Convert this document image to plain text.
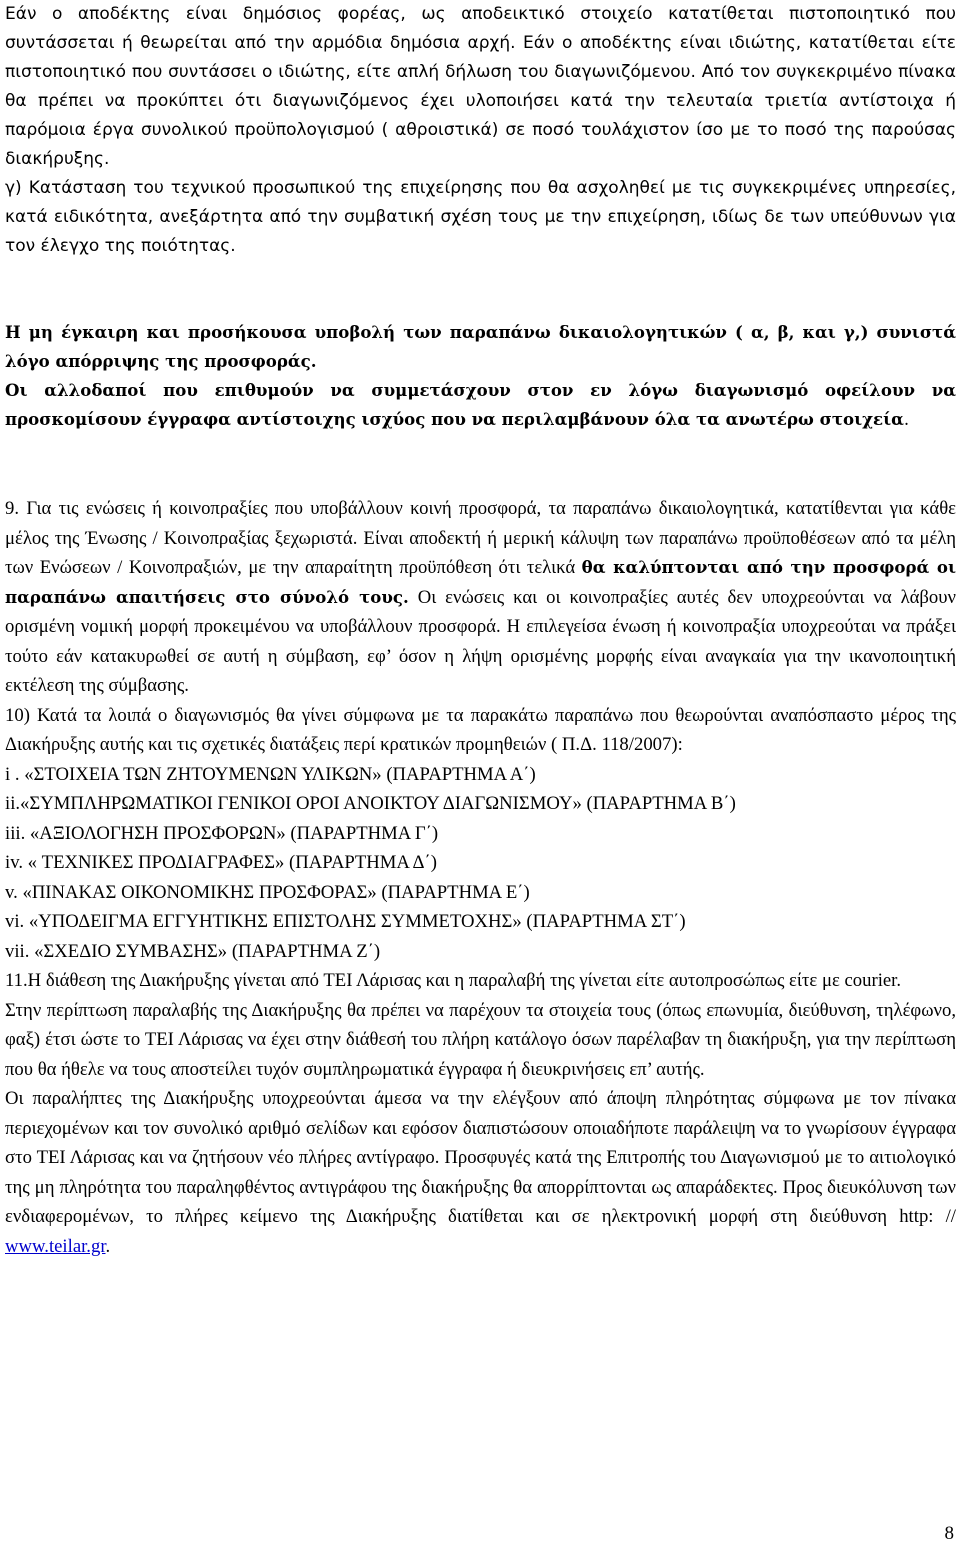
Εάν ο αποδέκτης είναι δημόσιος φορέας, ως αποδεικτικό στοιχείο κατατίθεται πιστοποιητικό που συντάσσεται ή θεωρείται από την αρμόδια δημόσια αρχή. Εάν ο αποδέκτης είναι ιδιώτης, κατατίθεται είτε πιστοποιητικό που συντάσσει ο ιδιώτης, είτε απλή δήλωση του διαγωνιζόμενου. Από τον συγκεκριμένο πίνακα θα πρέπει να προκύπτει ότι διαγωνιζόμενος έχει υλοποιήσει κατά την τελευταία τριετία αντίστοιχα ή παρόμοια έργα συνολικού προϋπολογισμού ( αθροιστικά) σε ποσό τουλάχιστον ίσο με το ποσό της παρούσας διακήρυξης.

γ) Κατάσταση του τεχνικού προσωπικού της επιχείρησης που θα ασχοληθεί με τις συγκεκριμένες υπηρεσίες, κατά ειδικότητα, ανεξάρτητα από την συμβατική σχέση τους με την επιχείρηση, ιδίως δε των υπεύθυνων για τον έλεγχο της ποιότητας.

Η μη έγκαιρη και προσήκουσα υποβολή των παραπάνω δικαιολογητικών ( α, β, και γ,) συνιστά λόγο απόρριψης της προσφοράς.

Οι αλλοδαποί που επιθυμούν να συμμετάσχουν στον εν λόγω διαγωνισμό οφείλουν να προσκομίσουν έγγραφα αντίστοιχης ισχύος που να περιλαμβάνουν όλα τα ανωτέρω στοιχεία.

9. Για τις ενώσεις ή κοινοπραξίες που υποβάλλουν κοινή προσφορά, τα παραπάνω δικαιολογητικά, κατατίθενται για κάθε μέλος της Ένωσης / Κοινοπραξίας ξεχωριστά. Είναι αποδεκτή ή μερική κάλυψη των παραπάνω προϋποθέσεων από τα μέλη των Ενώσεων / Κοινοπραξιών, με την απαραίτητη προϋπόθεση ότι τελικά θα καλύπτονται από την προσφορά οι παραπάνω απαιτήσεις στο σύνολό τους. Οι ενώσεις και οι κοινοπραξίες αυτές δεν υποχρεούνται να λάβουν ορισμένη νομική μορφή προκειμένου να υποβάλλουν προσφορά. Η επιλεγείσα ένωση ή κοινοπραξία υποχρεούται να πράξει τούτο εάν κατακυρωθεί σε αυτή η σύμβαση, εφ’ όσον η λήψη ορισμένης μορφής είναι αναγκαία για την ικανοποιητική εκτέλεση της σύμβασης.

10) Κατά τα λοιπά ο διαγωνισμός θα γίνει σύμφωνα με τα παρακάτω παραπάνω που θεωρούνται αναπόσπαστο μέρος της Διακήρυξης αυτής και τις σχετικές διατάξεις περί κρατικών προμηθειών ( Π.Δ. 118/2007):

i . «ΣΤΟΙΧΕΙΑ ΤΩΝ ΖΗΤΟΥΜΕΝΩΝ ΥΛΙΚΩΝ» (ΠΑΡΑΡΤΗΜΑ Α΄)

ii.«ΣΥΜΠΛΗΡΩΜΑΤΙΚΟΙ ΓΕΝΙΚΟΙ ΟΡΟΙ ΑΝΟΙΚΤΟΥ ΔΙΑΓΩΝΙΣΜΟΥ» (ΠΑΡΑΡΤΗΜΑ Β΄)

iii. «ΑΞΙΟΛΟΓΗΣΗ ΠΡΟΣΦΟΡΩΝ» (ΠΑΡΑΡΤΗΜΑ Γ΄)

iv. « ΤΕΧΝΙΚΕΣ ΠΡΟΔΙΑΓΡΑΦΕΣ» (ΠΑΡΑΡΤΗΜΑ Δ΄)

v. «ΠΙΝΑΚΑΣ ΟΙΚΟΝΟΜΙΚΗΣ ΠΡΟΣΦΟΡΑΣ» (ΠΑΡΑΡΤΗΜΑ Ε΄)

vi. «ΥΠΟΔΕΙΓΜΑ ΕΓΓΥΗΤΙΚΗΣ ΕΠΙΣΤΟΛΗΣ ΣΥΜΜΕΤΟΧΗΣ» (ΠΑΡΑΡΤΗΜΑ ΣΤ΄)

vii. «ΣΧΕΔΙΟ ΣΥΜΒΑΣΗΣ» (ΠΑΡΑΡΤΗΜΑ Ζ΄)

11.Η διάθεση της Διακήρυξης γίνεται από ΤΕΙ Λάρισας και η παραλαβή της γίνεται είτε αυτοπροσώπως είτε με courier.

Στην περίπτωση παραλαβής της Διακήρυξης θα πρέπει να παρέχουν τα στοιχεία τους (όπως επωνυμία, διεύθυνση, τηλέφωνο, φαξ) έτσι ώστε το ΤΕΙ Λάρισας να έχει στην διάθεσή του πλήρη κατάλογο όσων παρέλαβαν τη διακήρυξη, για την περίπτωση που θα ήθελε να τους αποστείλει τυχόν συμπληρωματικά έγγραφα ή διευκρινήσεις επ’ αυτής.

Οι παραλήπτες της Διακήρυξης υποχρεούνται άμεσα να την ελέγξουν από άποψη πληρότητας σύμφωνα με τον πίνακα περιεχομένων και τον συνολικό αριθμό σελίδων και εφόσον διαπιστώσουν οποιαδήποτε παράλειψη να το γνωρίσουν έγγραφα στο ΤΕΙ Λάρισας και να ζητήσουν νέο πλήρες αντίγραφο. Προσφυγές κατά της Επιτροπής του Διαγωνισμού με το αιτιολογικό της μη πληρότητα του παραληφθέντος αντιγράφου της διακήρυξης θα απορρίπτονται ως απαράδεκτες. Προς διευκόλυνση των ενδιαφερομένων, το πλήρες κείμενο της Διακήρυξης διατίθεται και σε ηλεκτρονική μορφή στη διεύθυνση http: // www.teilar.gr.

8
